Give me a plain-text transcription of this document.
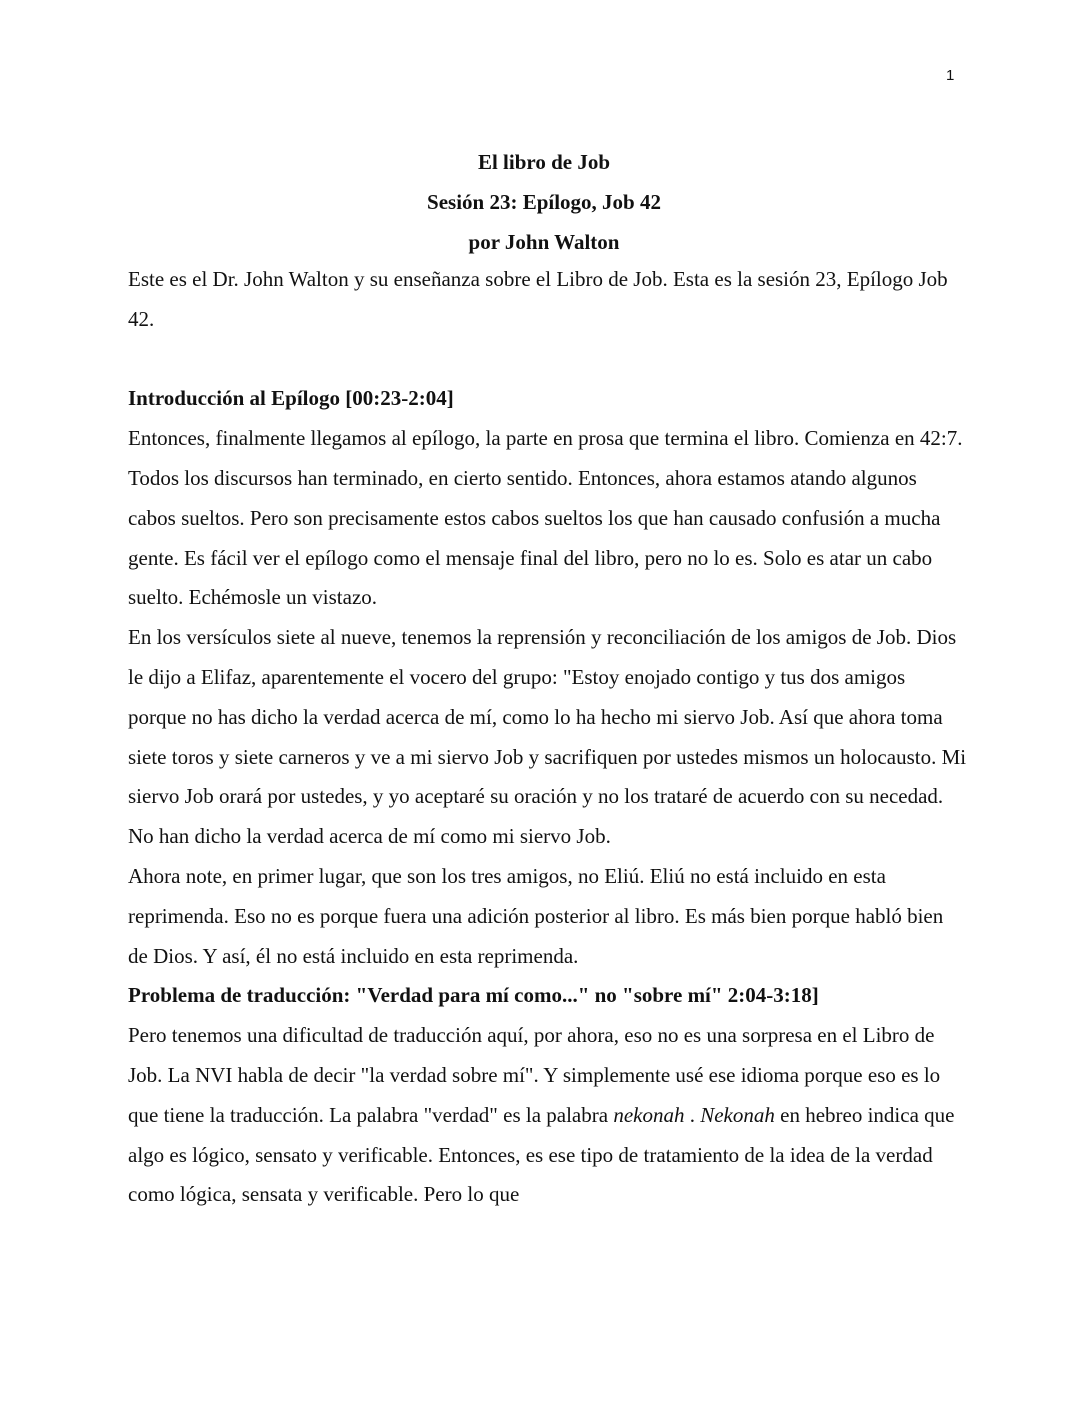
1
El libro de Job
Sesión 23: Epílogo, Job 42
por John Walton

Este es el Dr. John Walton y su enseñanza sobre el Libro de Job. Esta es la sesión 23, Epílogo Job 42.

Introducción al Epílogo [00:23-2:04]

Entonces, finalmente llegamos al epílogo, la parte en prosa que termina el libro. Comienza en 42:7. Todos los discursos han terminado, en cierto sentido. Entonces, ahora estamos atando algunos cabos sueltos. Pero son precisamente estos cabos sueltos los que han causado confusión a mucha gente. Es fácil ver el epílogo como el mensaje final del libro, pero no lo es. Solo es atar un cabo suelto. Echémosle un vistazo.

En los versículos siete al nueve, tenemos la reprensión y reconciliación de los amigos de Job. Dios le dijo a Elifaz, aparentemente el vocero del grupo: "Estoy enojado contigo y tus dos amigos porque no has dicho la verdad acerca de mí, como lo ha hecho mi siervo Job. Así que ahora toma siete toros y siete carneros y ve a mi siervo Job y sacrifiquen por ustedes mismos un holocausto. Mi siervo Job orará por ustedes, y yo aceptaré su oración y no los trataré de acuerdo con su necedad. No han dicho la verdad acerca de mí como mi siervo Job.

Ahora note, en primer lugar, que son los tres amigos, no Eliú. Eliú no está incluido en esta reprimenda. Eso no es porque fuera una adición posterior al libro. Es más bien porque habló bien de Dios. Y así, él no está incluido en esta reprimenda.

Problema de traducción: "Verdad para mí como..." no "sobre mí" 2:04-3:18]

Pero tenemos una dificultad de traducción aquí, por ahora, eso no es una sorpresa en el Libro de Job. La NVI habla de decir "la verdad sobre mí". Y simplemente usé ese idioma porque eso es lo que tiene la traducción. La palabra "verdad" es la palabra nekonah . Nekonah en hebreo indica que algo es lógico, sensato y verificable. Entonces, es ese tipo de tratamiento de la idea de la verdad como lógica, sensata y verificable. Pero lo que
